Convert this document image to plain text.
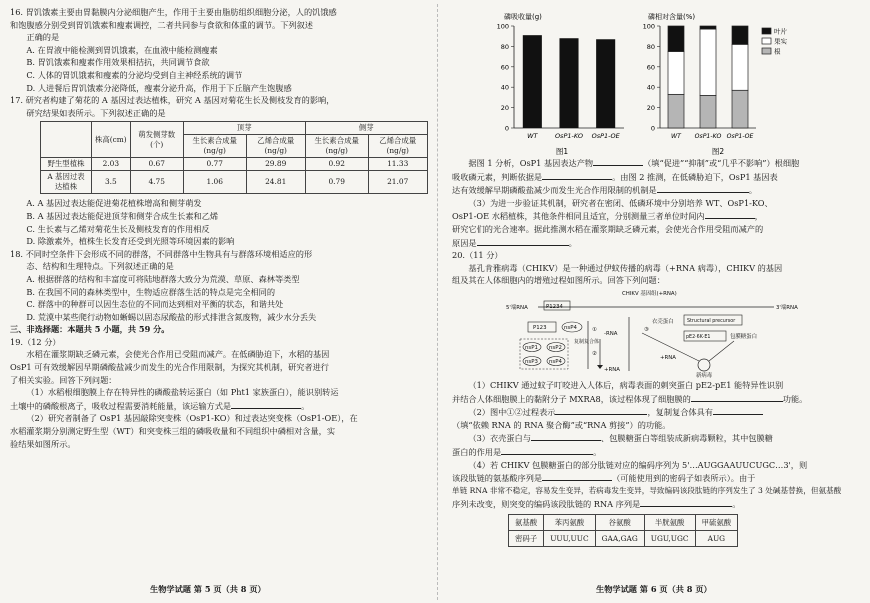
16. 胃饥饿素主要由胃黏膜内分泌细胞产生，作用于主要由脂肪组织细胞分泌，人的饥饿感

和饱腹感分别受到胃饥饿素和瘦素调控，二者共同参与食欲和体重的调节。下列叙述

正确的是

A. 在胃液中能检测到胃饥饿素，在血液中能检测瘦素

B. 胃饥饿素和瘦素作用效果相拮抗，共同调节食欲

C. 人体的胃饥饿素和瘦素的分泌均受到自主神经系统的调节

D. 人进餐后胃饥饿素分泌降低，瘦素分泌升高，作用于下丘脑产生饱腹感

17. 研究者构建了菊花的 A 基因过表达植株，研究 A 基因对菊花生长及侧枝发育的影响，

研究结果如表所示。下列叙述正确的是

	株高(cm)	萌发侧芽数(个)	顶芽		侧芽	
			生长素合成量(ng/g)	乙烯合成量(ng/g)	生长素合成量(ng/g)	乙烯合成量(ng/g)
野生型植株	2.03	0.67	0.77	29.89	0.92	11.33
A 基因过表达植株	3.5	4.75	1.06	24.81	0.79	21.07

A. A 基因过表达能促进菊花植株增高和侧芽萌发

B. A 基因过表达能促进顶芽和侧芽合成生长素和乙烯

C. 生长素与乙烯对菊花生长及侧枝发育的作用相反

D. 除激素外，植株生长发育还受到光照等环境因素的影响

18. 不同时空条件下会形成不同的群落，不同群落中生物具有与群落环境相适应的形

态、结构和生理特点。下列叙述正确的是

A. 根据群落的结构和丰富度可将陆地群落大致分为荒漠、草原、森林等类型

B. 在我国不同的森林类型中，生物适应群落生活的特点是完全相同的

C. 群落中的种群可以因生态位的不同而达到相对平衡的状态，和谐共处

D. 荒漠中某些爬行动物如蜥蜴以固态尿酸盐的形式排泄含氮废物，减少水分丢失

三、非选择题：本题共 5 小题，共 59 分。

19.（12 分）

水稻在灌浆期缺乏磷元素，会使光合作用已受阻而减产。在低磷胁迫下，水稻的基因

OsP1 可有效缓解因早期磷酸盐减少而发生的光合作用限制，为探究其机制，研究者进行

了相关实验。回答下列问题：

（1）水稻根细胞膜上存在特异性的磷酸盐转运蛋白（如 Pht1 家族蛋白），能识别转运

土壤中的磷酸根离子，吸收过程需要消耗能量，该运输方式是	。

（2）研究者制备了 OsP1 基因敲除突变株（OsP1-KO）和过表达突变株（OsP1-OE），在

水稻灌浆期分别测定野生型（WT）和突变株三组的磷吸收量和不同组织中磷相对含量，实

验结果如图所示。

生物学试题 第 5 页（共 8 页）
磷吸收量(g)
0
20
40
60
80
100
WT	OsP1-KO OsP1-OE
图1
磷相对含量(%)
0
20
40
60
80
100
WT OsP1-KO OsP1-OE
叶片
果实
根
图2

据图 1 分析，OsP1 基因表达产物	（填“促进”“抑制”或“几乎不影响”）根细胞

吸收磷元素，判断依据是	。由图 2 推测，在低磷胁迫下，OsP1 基因表

达有效缓解早期磷酸盐减少而发生光合作用限制的机制是	。

（3）为进一步验证其机制，研究者在密闭、低磷环境中分别培养 WT、OsP1-KO、

OsP1-OE 水稻植株，其他条件相同且适宜，分别测量三者单位时间内	，

研究它们的光合速率。据此推测水稻在灌浆期缺乏磷元素，会使光合作用受阻而减产的

原因是	。

20.（11 分）

基孔肯雅病毒（CHIKV）是一种通过伊蚊传播的病毒（+RNA 病毒），CHIKV 的基因

组及其在人体细胞内的增殖过程如图所示。回答下列问题：

CHIKV 基因组(+RNA)
5'端RNA	3'端RNA
P1234
P123	nsP4
nsP1 nsP2
nsP3 nsP4
复制复合体
-RNA
+RNA
①
②
③
衣壳蛋白	Structural precursor
pE2·6K·E1	包膜糖蛋白
+RNA
新病毒

（1）CHIKV 通过蚊子叮咬进入人体后，病毒表面的刺突蛋白 pE2-pE1 能特异性识别

并结合人体细胞膜上的黏附分子 MXRA8，该过程体现了细胞膜的	功能。

（2）图中①②过程表示	，复制复合体具有

（填“依赖 RNA 的 RNA 聚合酶”或“RNA 剪接”）的功能。

（3）衣壳蛋白与	、包膜糖蛋白等组装成新病毒颗粒，其中包膜糖

蛋白的作用是	。

（4）若 CHIKV 包膜糖蛋白的部分肽链对应的编码序列为 5'…AUGGAAUUCUGC…3'，则

该段肽链的氨基酸序列是	（可能使用到的密码子如表所示）。由于

单链 RNA 非常不稳定，容易发生变异，若病毒发生变异，导致编码该段肽链的序列发生了 3 处碱基替换，但氨基酸

序列未改变，则突变的编码该段肽链的 RNA 序列是	。

氨基酸	苯丙氨酸	谷氨酸	半胱氨酸	甲硫氨酸
密码子	UUU,UUC	GAA,GAG	UGU,UGC	AUG
生物学试题 第 6 页（共 8 页）
